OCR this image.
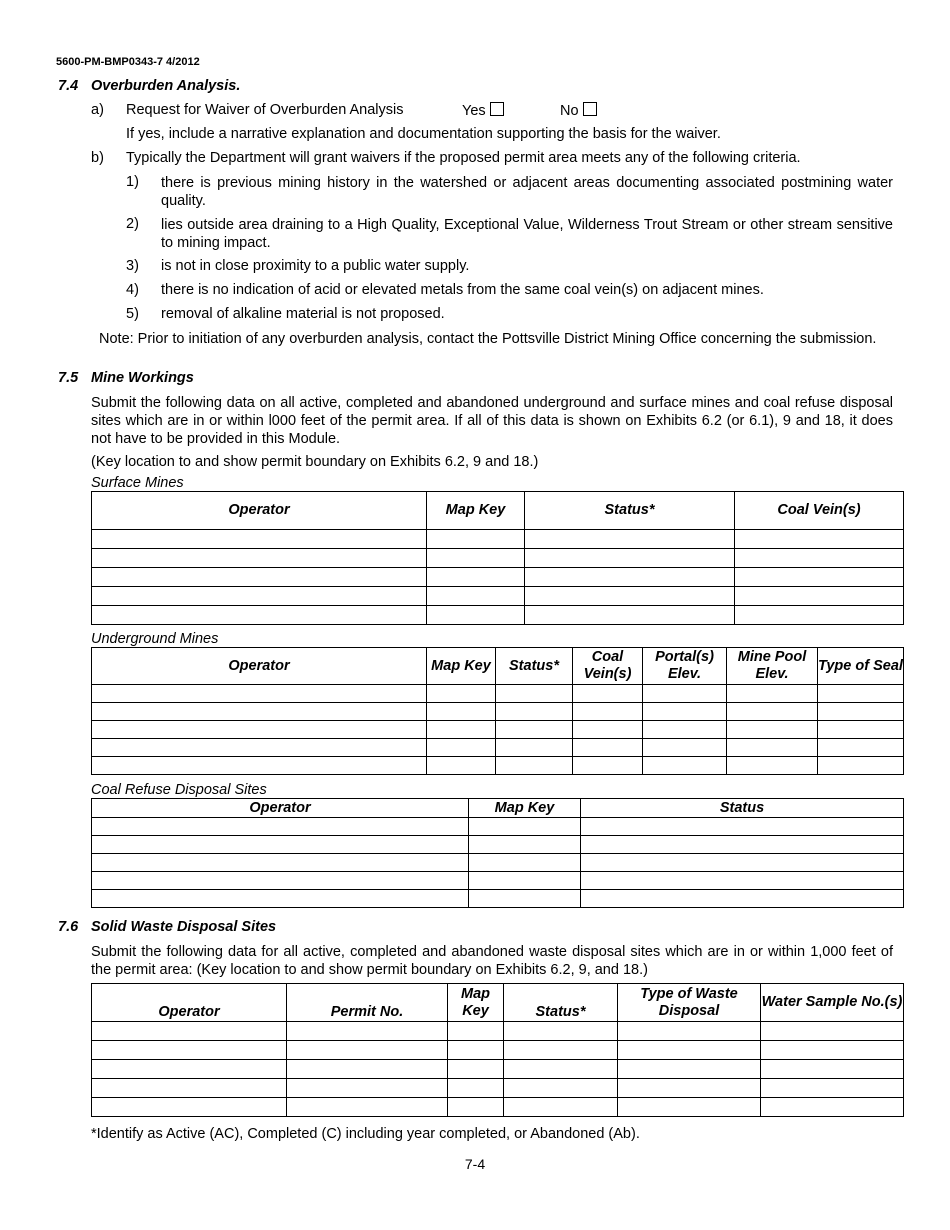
5600-PM-BMP0343-7 4/2012
7.4 Overburden Analysis.
a) Request for Waiver of Overburden Analysis	Yes	No
If yes, include a narrative explanation and documentation supporting the basis for the waiver.
b) Typically the Department will grant waivers if the proposed permit area meets any of the following criteria.
1) there is previous mining history in the watershed or adjacent areas documenting associated postmining water quality.
2) lies outside area draining to a High Quality, Exceptional Value, Wilderness Trout Stream or other stream sensitive to mining impact.
3) is not in close proximity to a public water supply.
4) there is no indication of acid or elevated metals from the same coal vein(s) on adjacent mines.
5) removal of alkaline material is not proposed.
Note: Prior to initiation of any overburden analysis, contact the Pottsville District Mining Office concerning the submission.
7.5 Mine Workings
Submit the following data on all active, completed and abandoned underground and surface mines and coal refuse disposal sites which are in or within l000 feet of the permit area. If all of this data is shown on Exhibits 6.2 (or 6.1), 9 and 18, it does not have to be provided in this Module.
(Key location to and show permit boundary on Exhibits 6.2, 9 and 18.)
Surface Mines
Operator	Map Key	Status*	Coal Vein(s)

Underground Mines
Operator	Map Key	Status*	Coal Vein(s)	Portal(s) Elev.	Mine Pool Elev.	Type of Seal

Coal Refuse Disposal Sites
Operator	Map Key	Status

7.6 Solid Waste Disposal Sites
Submit the following data for all active, completed and abandoned waste disposal sites which are in or within 1,000 feet of the permit area: (Key location to and show permit boundary on Exhibits 6.2, 9, and 18.)
Operator	Permit No.	Map Key	Status*	Type of Waste Disposal	Water Sample No.(s)

*Identify as Active (AC), Completed (C) including year completed, or Abandoned (Ab).
7-4
